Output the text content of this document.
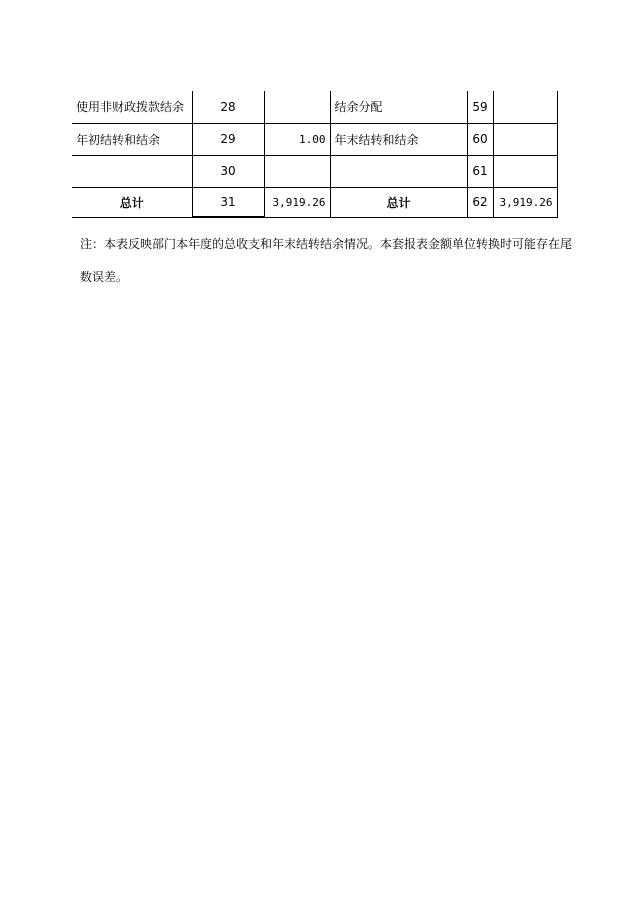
使用非财政拨款结余	28		结余分配	59	
年初结转和结余	29	1.00	年末结转和结余	60	
	30			61	
总计	31	3,919.26	总计	62	3,919.26
注：本表反映部门本年度的总收支和年末结转结余情况。本套报表金额单位转换时可能存在尾
数误差。
